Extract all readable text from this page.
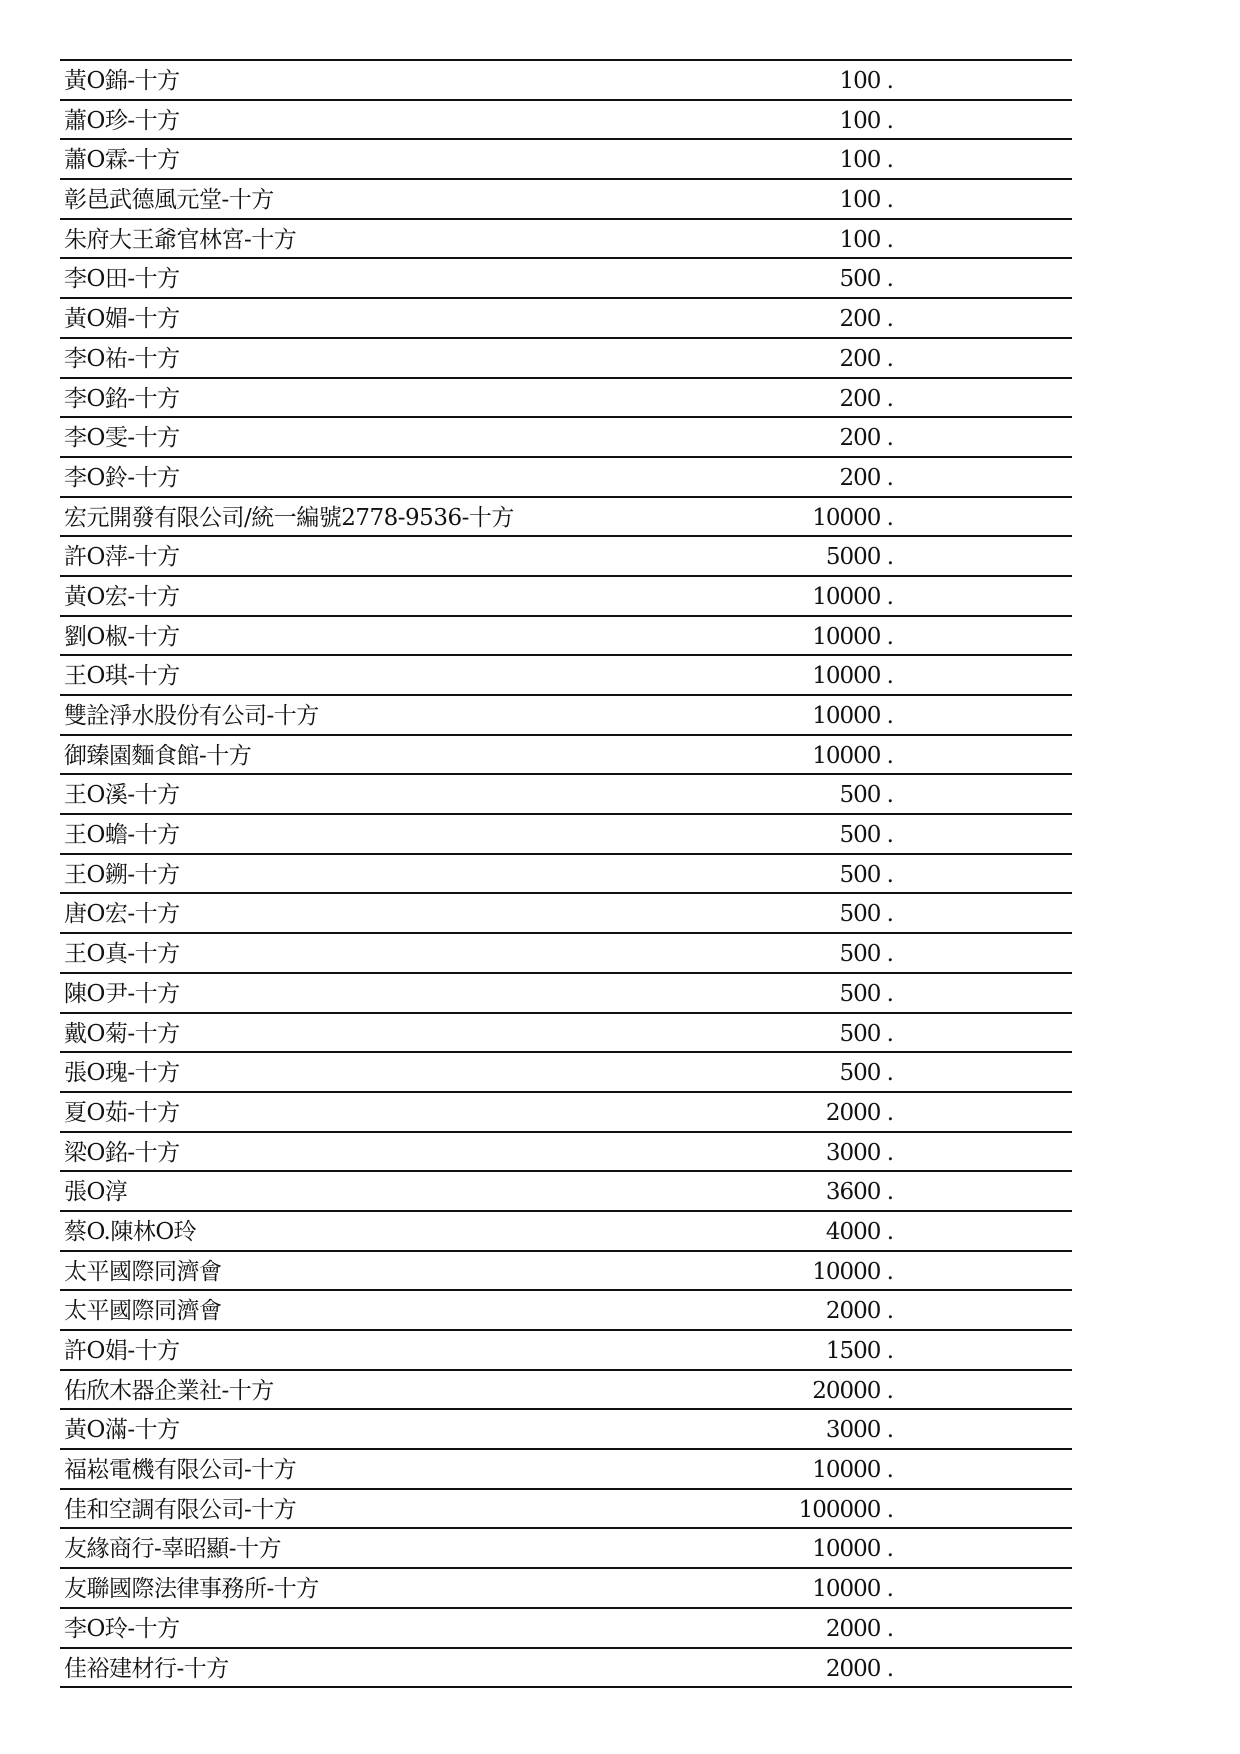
黃O錦-十方	100 .
蕭O珍-十方	100 .
蕭O霖-十方	100 .
彰邑武德風元堂-十方	100 .
朱府大王爺官林宮-十方	100 .
李O田-十方	500 .
黃O媚-十方	200 .
李O祐-十方	200 .
李O銘-十方	200 .
李O雯-十方	200 .
李O鈴-十方	200 .
宏元開發有限公司/統一編號2778-9536-十方	10000 .
許O萍-十方	5000 .
黃O宏-十方	10000 .
劉O椒-十方	10000 .
王O琪-十方	10000 .
雙詮淨水股份有公司-十方	10000 .
御臻園麵食館-十方	10000 .
王O溪-十方	500 .
王O蟾-十方	500 .
王O鎙-十方	500 .
唐O宏-十方	500 .
王O真-十方	500 .
陳O尹-十方	500 .
戴O菊-十方	500 .
張O瑰-十方	500 .
夏O茹-十方	2000 .
梁O銘-十方	3000 .
張O淳	3600 .
蔡O.陳林O玲	4000 .
太平國際同濟會	10000 .
太平國際同濟會	2000 .
許O娟-十方	1500 .
佑欣木器企業社-十方	20000 .
黃O滿-十方	3000 .
福崧電機有限公司-十方	10000 .
佳和空調有限公司-十方	100000 .
友緣商行-辜昭顯-十方	10000 .
友聯國際法律事務所-十方	10000 .
李O玲-十方	2000 .
佳裕建材行-十方	2000 .
